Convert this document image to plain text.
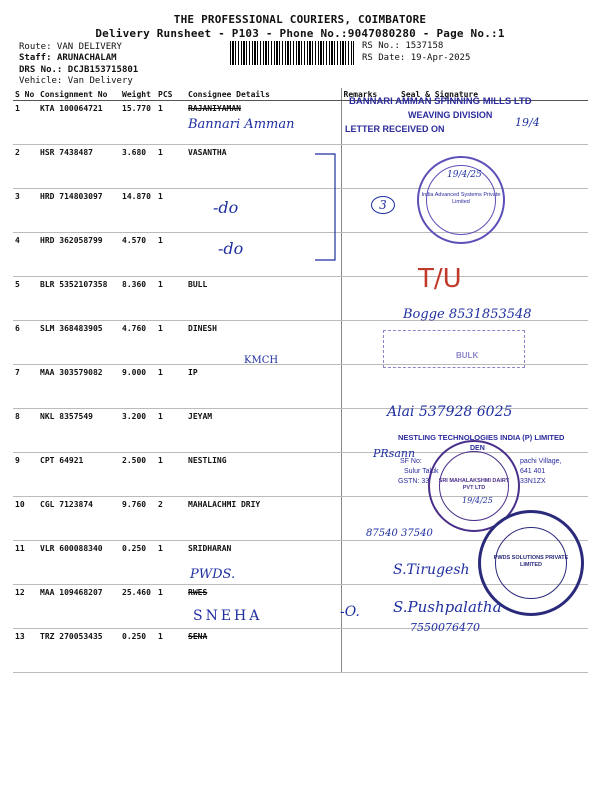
THE PROFESSIONAL COURIERS, COIMBATORE
Delivery Runsheet - P103 - Phone No.:9047080280 - Page No.:1
Route: VAN DELIVERY
Staff: ARUNACHALAM
DRS No.: DCJB153715801
Vehicle: Van Delivery
RS No.: 1537158
RS Date: 19-Apr-2025
S No	Consignment No	Weight	PCS	Consignee Details	Remarks	Seal & Signature
1	KTA 100064721	15.770	1	RAJANIYAMAN		
2	HSR 7438487	3.680	1	VASANTHA		
3	HRD 714803097	14.870	1			
4	HRD 362058799	4.570	1			
5	BLR 5352107358	8.360	1	BULL		
6	SLM 368483905	4.760	1	DINESH		
7	MAA 303579082	9.000	1	IP		
8	NKL 8357549	3.200	1	JEYAM		
9	CPT 64921	2.500	1	NESTLING		
10	CGL 7123874	9.760	2	MAHALACHMI DRIY		
11	VLR 600088340	0.250	1	SRIDHARAN		
12	MAA 109468207	25.460	1	RWES		
13	TRZ 270053435	0.250	1	SENA		
BANNARI AMMAN SPINNING MILLS LTD
WEAVING DIVISION
LETTER RECEIVED ON	19/4
Bannari Amman
-do
-do
3
India Advanced Systems Private Limited
19/4/25
T/U
Bogge 8531853548
BULK
KMCH
Alai 537928 6025
NESTLING TECHNOLOGIES INDIA (P) LIMITED
DEN
SF No:	pachi Village,
Sulur Taluk	641 401
GSTN: 33	33N1ZX
PRsann
SRI MAHALAKSHMI DAIRY PVT LTD
19/4/25
87540 37540
PWDS SOLUTIONS PRIVATE LIMITED
PWDS.	S.Tirugesh
SNEHA	-O. S.Pushpalatha
7550076470
